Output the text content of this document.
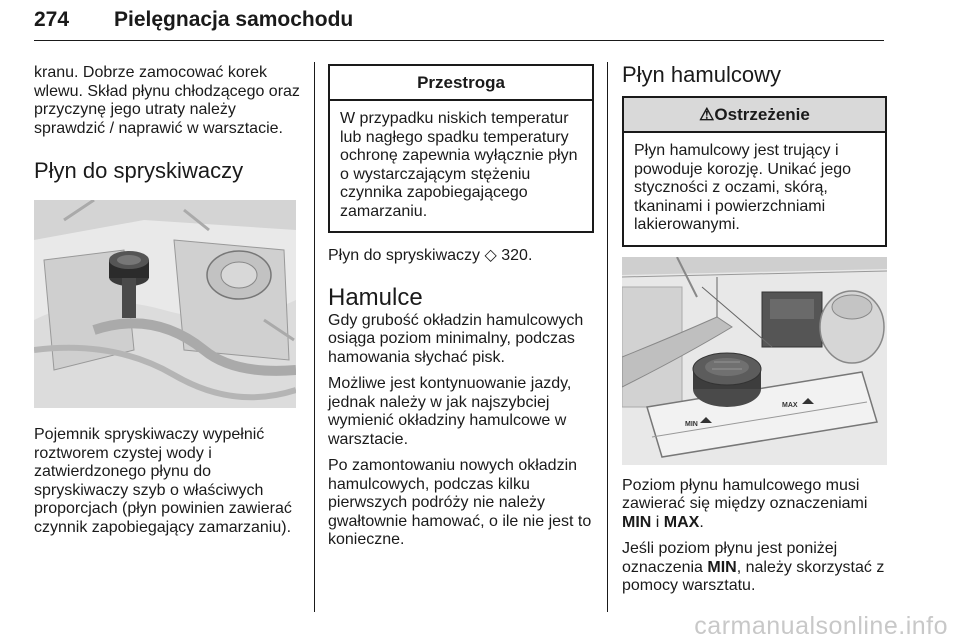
274 Pielęgnacja samochodu

kranu. Dobrze zamocować korek wlewu. Skład płynu chłodzącego oraz przyczynę jego utraty należy sprawdzić / naprawić w warsztacie.

Płyn do spryskiwaczy

Pojemnik spryskiwaczy wypełnić roztworem czystej wody i zatwierdzonego płynu do spryskiwaczy szyb o właściwych proporcjach (płyn powinien zawierać czynnik zapobiegający zamarzaniu).

Przestroga

W przypadku niskich temperatur lub nagłego spadku temperatury ochronę zapewnia wyłącznie płyn o wystarczającym stężeniu czynnika zapobiegającego zamarzaniu.

Płyn do spryskiwaczy ◇ 320.

Hamulce

Gdy grubość okładzin hamulcowych osiąga poziom minimalny, podczas hamowania słychać pisk.

Możliwe jest kontynuowanie jazdy, jednak należy w jak najszybciej wymienić okładziny hamulcowe w warsztacie.

Po zamontowaniu nowych okładzin hamulcowych, podczas kilku pierwszych podróży nie należy gwałtownie hamować, o ile nie jest to konieczne.

Płyn hamulcowy
⚠Ostrzeżenie

Płyn hamulcowy jest trujący i powoduje korozję. Unikać jego styczności z oczami, skórą, tkaninami i powierzchniami lakierowanymi.

MIN
MAX

Poziom płynu hamulcowego musi zawierać się między oznaczeniami MIN i MAX.

Jeśli poziom płynu jest poniżej oznaczenia MIN, należy skorzystać z pomocy warsztatu.

carmanualsonline.info
